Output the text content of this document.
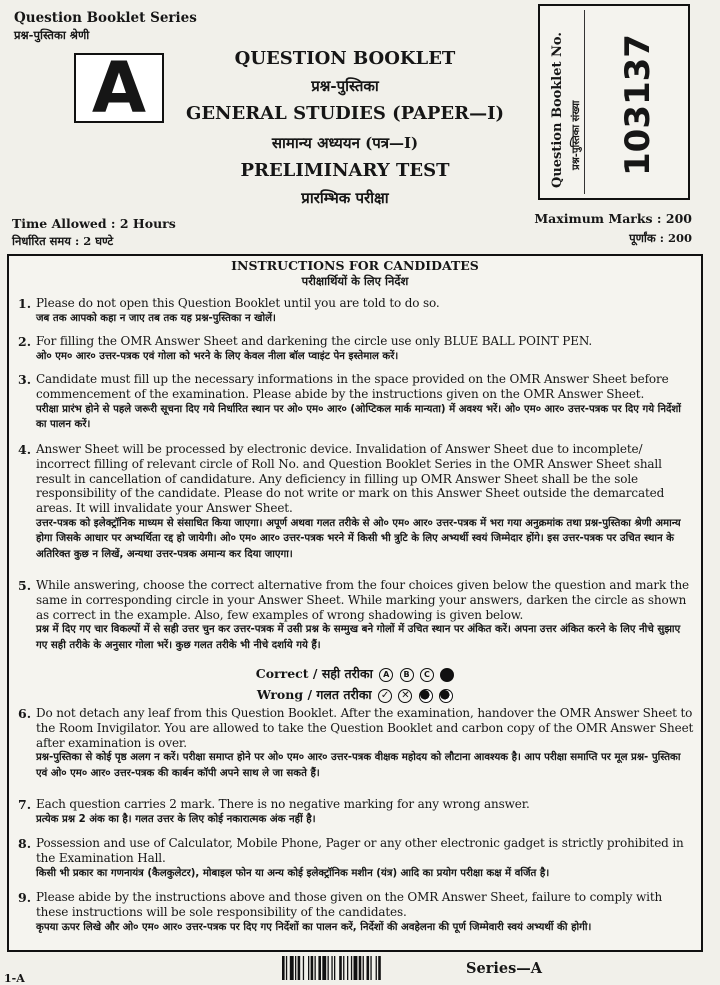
Question Booklet Series
प्रश्न-पुस्तिका श्रेणी
A	QUESTION BOOKLET
प्रश्न-पुस्तिका
GENERAL STUDIES (PAPER—I)
सामान्य अध्ययन (पत्र—I)
PRELIMINARY TEST
प्रारम्भिक परीक्षा
Question Booklet No. प्रश्न-पुस्तिका संख्या 103137
Time Allowed : 2 Hours
निर्धारित समय : 2 घण्टे
Maximum Marks : 200
पूर्णांक : 200
INSTRUCTIONS FOR CANDIDATES
परीक्षार्थियों के लिए निर्देश
1. Please do not open this Question Booklet until you are told to do so.
जब तक आपको कहा न जाए तब तक यह प्रश्न-पुस्तिका न खोलें।
2. For filling the OMR Answer Sheet and darkening the circle use only BLUE BALL POINT PEN.
ओ० एम० आर० उत्तर-पत्रक एवं गोला को भरने के लिए केवल नीला बॉल प्वाइंट पेन इस्तेमाल करें।
3. Candidate must fill up the necessary informations in the space provided on the OMR Answer Sheet before commencement of the examination. Please abide by the instructions given on the OMR Answer Sheet.
परीक्षा प्रारंभ होने से पहले जरूरी सूचना दिए गये निर्धारित स्थान पर ओ० एम० आर० (ओप्टिकल मार्क मान्यता) में अवश्य भरें। ओ० एम० आर० उत्तर-पत्रक पर दिए गये निर्देशों का पालन करें।
4. Answer Sheet will be processed by electronic device. Invalidation of Answer Sheet due to incomplete/ incorrect filling of relevant circle of Roll No. and Question Booklet Series in the OMR Answer Sheet shall result in cancellation of candidature. Any deficiency in filling up OMR Answer Sheet shall be the sole responsibility of the candidate. Please do not write or mark on this Answer Sheet outside the demarcated areas. It will invalidate your Answer Sheet.
उत्तर-पत्रक को इलेक्ट्रॉनिक माध्यम से संसाधित किया जाएगा। अपूर्ण अथवा गलत तरीके से ओ० एम० आर० उत्तर-पत्रक में भरा गया अनुक्रमांक तथा प्रश्न-पुस्तिका श्रेणी अमान्य होगा जिसके आधार पर अभ्यर्थिता रद्द हो जायेगी। ओ० एम० आर० उत्तर-पत्रक भरने में किसी भी त्रुटि के लिए अभ्यर्थी स्वयं जिम्मेदार होंगे। इस उत्तर-पत्रक पर उचित स्थान के अतिरिक्त कुछ न लिखें, अन्यथा उत्तर-पत्रक अमान्य कर दिया जाएगा।
5. While answering, choose the correct alternative from the four choices given below the question and mark the same in corresponding circle in your Answer Sheet. While marking your answers, darken the circle as shown as correct in the example. Also, few examples of wrong shadowing is given below.
प्रश्न में दिए गए चार विकल्पों में से सही उत्तर चुन कर उत्तर-पत्रक में उसी प्रश्न के सम्मुख बने गोलों में उचित स्थान पर अंकित करें। अपना उत्तर अंकित करने के लिए नीचे सुझाए गए सही तरीके के अनुसार गोला भरें। कुछ गलत तरीके भी नीचे दर्शाये गये हैं।
Correct / सही तरीका A B C
Wrong / गलत तरीका ✓ ✕
6. Do not detach any leaf from this Question Booklet. After the examination, handover the OMR Answer Sheet to the Room Invigilator. You are allowed to take the Question Booklet and carbon copy of the OMR Answer Sheet after examination is over.
प्रश्न-पुस्तिका से कोई पृष्ठ अलग न करें। परीक्षा समाप्त होने पर ओ० एम० आर० उत्तर-पत्रक वीक्षक महोदय को लौटाना आवश्यक है। आप परीक्षा समाप्ति पर मूल प्रश्न- पुस्तिका एवं ओ० एम० आर० उत्तर-पत्रक की कार्बन कॉपी अपने साथ ले जा सकते हैं।
7. Each question carries 2 mark. There is no negative marking for any wrong answer.
प्रत्येक प्रश्न 2 अंक का है। गलत उत्तर के लिए कोई नकारात्मक अंक नहीं है।
8. Possession and use of Calculator, Mobile Phone, Pager or any other electronic gadget is strictly prohibited in the Examination Hall.
किसी भी प्रकार का गणनायंत्र (कैलकुलेटर), मोबाइल फोन या अन्य कोई इलेक्ट्रॉनिक मशीन (यंत्र) आदि का प्रयोग परीक्षा कक्ष में वर्जित है।
9. Please abide by the instructions above and those given on the OMR Answer Sheet, failure to comply with these instructions will be sole responsibility of the candidates.
कृपया ऊपर लिखे और ओ० एम० आर० उत्तर-पत्रक पर दिए गए निर्देशों का पालन करें, निर्देशों की अवहेलना की पूर्ण जिम्मेवारी स्वयं अभ्यर्थी की होगी।
Series—A
1-A
